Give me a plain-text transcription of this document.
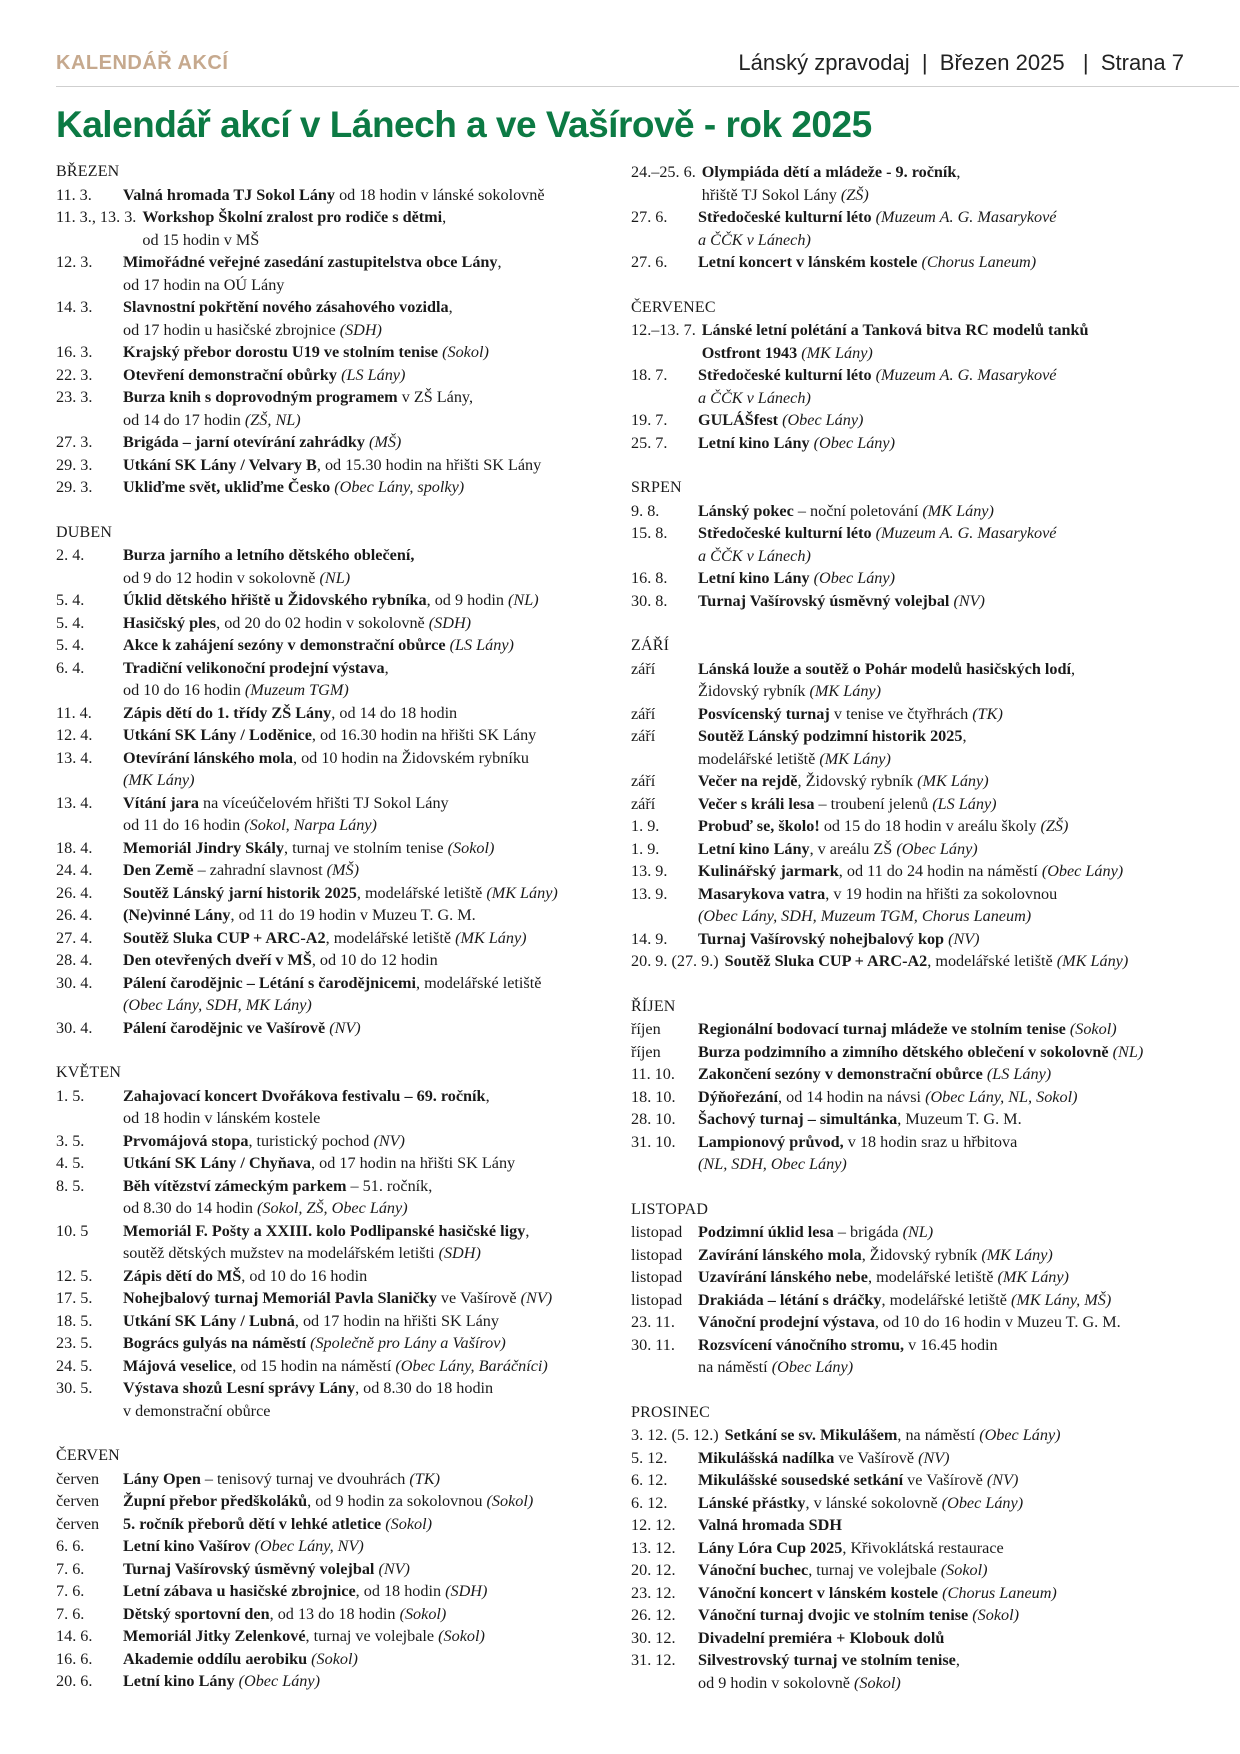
KALENDÁŘ AKCÍ	Lánský zpravodaj  |  Březen 2025   |  Strana 7
Kalendář akcí v Lánech a ve Vašírově - rok 2025
BŘEZEN
11. 3.	Valná hromada TJ Sokol Lány od 18 hodin v lánské sokolovně
11. 3., 13. 3. Workshop Školní zralost pro rodiče s dětmi,
od 15 hodin v MŠ
12. 3.	Mimořádné veřejné zasedání zastupitelstva obce Lány,
od 17 hodin na OÚ Lány
14. 3.	Slavnostní pokřtění nového zásahového vozidla,
od 17 hodin u hasičské zbrojnice (SDH)
16. 3.	Krajský přebor dorostu U19 ve stolním tenise (Sokol)
22. 3.	Otevření demonstrační obůrky (LS Lány)
23. 3.	Burza knih s doprovodným programem v ZŠ Lány,
od 14 do 17 hodin (ZŠ, NL)
27. 3.	Brigáda – jarní otevírání zahrádky (MŠ)
29. 3.	Utkání SK Lány / Velvary B, od 15.30 hodin na hřišti SK Lány
29. 3.	Ukliďme svět, ukliďme Česko (Obec Lány, spolky)
DUBEN
2. 4.	Burza jarního a letního dětského oblečení,
od 9 do 12 hodin v sokolovně (NL)
5. 4.	Úklid dětského hřiště u Židovského rybníka, od 9 hodin (NL)
5. 4.	Hasičský ples, od 20 do 02 hodin v sokolovně (SDH)
5. 4.	Akce k zahájení sezóny v demonstrační obůrce (LS Lány)
6. 4.	Tradiční velikonoční prodejní výstava,
od 10 do 16 hodin (Muzeum TGM)
11. 4.	Zápis dětí do 1. třídy ZŠ Lány, od 14 do 18 hodin
12. 4.	Utkání SK Lány / Loděnice, od 16.30 hodin na hřišti SK Lány
13. 4.	Otevírání lánského mola, od 10 hodin na Židovském rybníku
(MK Lány)
13. 4.	Vítání jara na víceúčelovém hřišti TJ Sokol Lány
od 11 do 16 hodin (Sokol, Narpa Lány)
18. 4.	Memoriál Jindry Skály, turnaj ve stolním tenise (Sokol)
24. 4.	Den Země – zahradní slavnost (MŠ)
26. 4.	Soutěž Lánský jarní historik 2025, modelářské letiště (MK Lány)
26. 4.	(Ne)vinné Lány, od 11 do 19 hodin v Muzeu T. G. M.
27. 4.	Soutěž Sluka CUP + ARC-A2, modelářské letiště (MK Lány)
28. 4.	Den otevřených dveří v MŠ, od 10 do 12 hodin
30. 4.	Pálení čarodějnic – Létání s čarodějnicemi, modelářské letiště
(Obec Lány, SDH, MK Lány)
30. 4.	Pálení čarodějnic ve Vašírově (NV)
KVĚTEN
1. 5.	Zahajovací koncert Dvořákova festivalu – 69. ročník,
od 18 hodin v lánském kostele
3. 5.	Prvomájová stopa, turistický pochod (NV)
4. 5.	Utkání SK Lány / Chyňava, od 17 hodin na hřišti SK Lány
8. 5.	Běh vítězství zámeckým parkem – 51. ročník,
od 8.30 do 14 hodin (Sokol, ZŠ, Obec Lány)
10. 5	Memoriál F. Pošty a XXIII. kolo Podlipanské hasičské ligy,
soutěž dětských mužstev na modelářském letišti (SDH)
12. 5.	Zápis dětí do MŠ, od 10 do 16 hodin
17. 5.	Nohejbalový turnaj Memoriál Pavla Slaničky ve Vašírově (NV)
18. 5.	Utkání SK Lány / Lubná, od 17 hodin na hřišti SK Lány
23. 5.	Bogrács gulyás na náměstí (Společně pro Lány a Vašírov)
24. 5.	Májová veselice, od 15 hodin na náměstí (Obec Lány, Baráčníci)
30. 5.	Výstava shozů Lesní správy Lány, od 8.30 do 18 hodin
v demonstrační obůrce
ČERVEN
červen	Lány Open – tenisový turnaj ve dvouhrách (TK)
červen	Župní přebor předškoláků, od 9 hodin za sokolovnou (Sokol)
červen	5. ročník přeborů dětí v lehké atletice (Sokol)
6. 6.	Letní kino Vašírov (Obec Lány, NV)
7. 6.	Turnaj Vašírovský úsměvný volejbal (NV)
7. 6.	Letní zábava u hasičské zbrojnice, od 18 hodin (SDH)
7. 6.	Dětský sportovní den, od 13 do 18 hodin (Sokol)
14. 6.	Memoriál Jitky Zelenkové, turnaj ve volejbale (Sokol)
16. 6.	Akademie oddílu aerobiku (Sokol)
20. 6.	Letní kino Lány (Obec Lány)
24.–25. 6. Olympiáda dětí a mládeže - 9. ročník,
hřiště TJ Sokol Lány (ZŠ)
27. 6.	Středočeské kulturní léto (Muzeum A. G. Masarykové
a ČČK v Lánech)
27. 6.	Letní koncert v lánském kostele (Chorus Laneum)
ČERVENEC
12.–13. 7. Lánské letní polétání a Tanková bitva RC modelů tanků
Ostfront 1943 (MK Lány)
18. 7.	Středočeské kulturní léto (Muzeum A. G. Masarykové
a ČČK v Lánech)
19. 7.	GULÁŠfest (Obec Lány)
25. 7.	Letní kino Lány (Obec Lány)
SRPEN
9. 8.	Lánský pokec – noční poletování (MK Lány)
15. 8.	Středočeské kulturní léto (Muzeum A. G. Masarykové
a ČČK v Lánech)
16. 8.	Letní kino Lány (Obec Lány)
30. 8.	Turnaj Vašírovský úsměvný volejbal (NV)
ZÁŘÍ
září	Lánská louže a soutěž o Pohár modelů hasičských lodí,
Židovský rybník (MK Lány)
září	Posvícenský turnaj v tenise ve čtyřhrách (TK)
září	Soutěž Lánský podzimní historik 2025,
modelářské letiště (MK Lány)
září	Večer na rejdě, Židovský rybník (MK Lány)
září	Večer s králi lesa – troubení jelenů (LS Lány)
1. 9.	Probuď se, školo! od 15 do 18 hodin v areálu školy (ZŠ)
1. 9.	Letní kino Lány, v areálu ZŠ (Obec Lány)
13. 9.	Kulinářský jarmark, od 11 do 24 hodin na náměstí (Obec Lány)
13. 9.	Masarykova vatra, v 19 hodin na hřišti za sokolovnou
(Obec Lány, SDH, Muzeum TGM, Chorus Laneum)
14. 9.	Turnaj Vašírovský nohejbalový kop (NV)
20. 9. (27. 9.) Soutěž Sluka CUP + ARC-A2, modelářské letiště (MK Lány)
ŘÍJEN
říjen	Regionální bodovací turnaj mládeže ve stolním tenise (Sokol)
říjen	Burza podzimního a zimního dětského oblečení v sokolovně (NL)
11. 10.	Zakončení sezóny v demonstrační obůrce (LS Lány)
18. 10.	Dýňořezání, od 14 hodin na návsi (Obec Lány, NL, Sokol)
28. 10.	Šachový turnaj – simultánka, Muzeum T. G. M.
31. 10.	Lampionový průvod, v 18 hodin sraz u hřbitova
(NL, SDH, Obec Lány)
LISTOPAD
listopad Podzimní úklid lesa – brigáda (NL)
listopad Zavírání lánského mola, Židovský rybník (MK Lány)
listopad Uzavírání lánského nebe, modelářské letiště (MK Lány)
listopad Drakiáda – létání s dráčky, modelářské letiště (MK Lány, MŠ)
23. 11.	Vánoční prodejní výstava, od 10 do 16 hodin v Muzeu T. G. M.
30. 11.	Rozsvícení vánočního stromu, v 16.45 hodin
na náměstí (Obec Lány)
PROSINEC
3. 12. (5. 12.) Setkání se sv. Mikulášem, na náměstí (Obec Lány)
5. 12.	Mikulášská nadílka ve Vašírově (NV)
6. 12.	Mikulášské sousedské setkání ve Vašírově (NV)
6. 12.	Lánské přástky, v lánské sokolovně (Obec Lány)
12. 12.	Valná hromada SDH
13. 12.	Lány Lóra Cup 2025, Křivoklátská restaurace
20. 12.	Vánoční buchec, turnaj ve volejbale (Sokol)
23. 12.	Vánoční koncert v lánském kostele (Chorus Laneum)
26. 12.	Vánoční turnaj dvojic ve stolním tenise (Sokol)
30. 12.	Divadelní premiéra + Klobouk dolů
31. 12.	Silvestrovský turnaj ve stolním tenise,
od 9 hodin v sokolovně (Sokol)
